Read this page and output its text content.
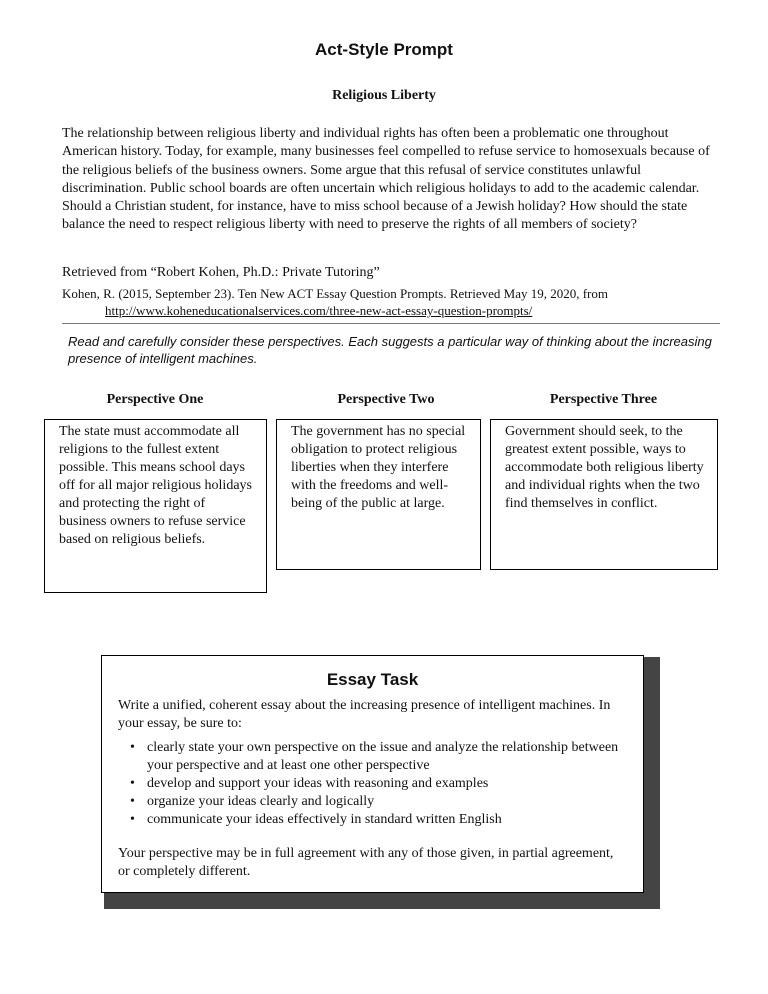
Act-Style Prompt
Religious Liberty
The relationship between religious liberty and individual rights has often been a problematic one throughout American history. Today, for example, many businesses feel compelled to refuse service to homosexuals because of the religious beliefs of the business owners. Some argue that this refusal of service constitutes unlawful discrimination. Public school boards are often uncertain which religious holidays to add to the academic calendar. Should a Christian student, for instance, have to miss school because of a Jewish holiday? How should the state balance the need to respect religious liberty with need to preserve the rights of all members of society?
Retrieved from “Robert Kohen, Ph.D.: Private Tutoring”
Kohen, R. (2015, September 23). Ten New ACT Essay Question Prompts. Retrieved May 19, 2020, from
http://www.koheneducationalservices.com/three-new-act-essay-question-prompts/
Read and carefully consider these perspectives. Each suggests a particular way of thinking about the increasing presence of intelligent machines.
Perspective One	Perspective Two	Perspective Three
The state must accommodate all religions to the fullest extent possible. This means school days off for all major religious holidays and protecting the right of business owners to refuse service based on religious beliefs.
The government has no special obligation to protect religious liberties when they interfere with the freedoms and well-being of the public at large.
Government should seek, to the greatest extent possible, ways to accommodate both religious liberty and individual rights when the two find themselves in conflict.
Essay Task
Write a unified, coherent essay about the increasing presence of intelligent machines. In your essay, be sure to:
• clearly state your own perspective on the issue and analyze the relationship between your perspective and at least one other perspective
• develop and support your ideas with reasoning and examples
• organize your ideas clearly and logically
• communicate your ideas effectively in standard written English
Your perspective may be in full agreement with any of those given, in partial agreement, or completely different.
